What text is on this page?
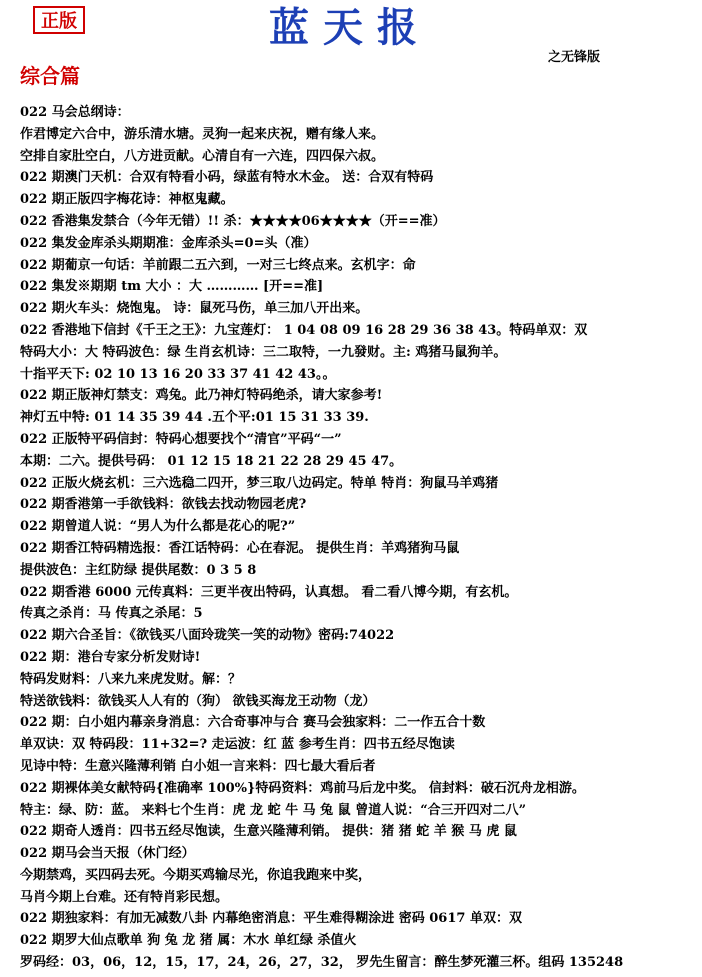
正版	蓝天报
之无锋版
综合篇
022 马会总纲诗：
作君博定六合中，游乐清水塘。灵狗一起来庆祝，赠有缘人来。
空排自家肚空白，八方进贡献。心清自有一六连，四四保六叔。
022 期澳门天机：合双有特看小码，绿蓝有特水木金。 送：合双有特码
022 期正版四字梅花诗：神枢鬼藏。
022 香港集发禁合（今年无错）!! 杀：★★★★06★★★★（开==准）
022 集发金库杀头期期准：金库杀头=0=头（准）
022 期葡京一句话：羊前跟二五六到，一对三七终点来。玄机字：命
022 集发※期期 tm 大小 ：大 ………… [开==准]
022 期火车头：烧饱鬼。 诗：鼠死马伤，单三加八开出来。
022 香港地下信封《千王之王》：九宝莲灯： 1 04 08 09 16 28 29 36 38 43。特码单双：双
特码大小：大 特码波色：绿 生肖玄机诗：三二取特，一九發财。主: 鸡猪马鼠狗羊。
十指平天下: 02 10 13 16 20 33 37 41 42 43。。
022 期正版神灯禁支：鸡兔。此乃神灯特码绝杀，请大家参考!
神灯五中特: 01 14 35 39 44 .五个平:01 15 31 33 39.
022 正版特平码信封：特码心想要找个“清官”平码“一”
本期：二六。提供号码： 01 12 15 18 21 22 28 29 45 47。
022 正版火烧玄机：三六选稳二四开，梦三取八边码定。特单 特肖：狗鼠马羊鸡猪
022 期香港第一手欲钱料：欲钱去找动物园老虎?
022 期曾道人说：“男人为什么都是花心的呢?”
022 期香江特码精选报：香江话特码：心在春泥。 提供生肖：羊鸡猪狗马鼠
提供波色：主红防绿 提供尾数：0 3 5 8
022 期香港 6000 元传真料：三更半夜出特码，认真想。 看二看八博今期，有玄机。
传真之杀肖：马 传真之杀尾：5
022 期六合圣旨：《欲钱买八面玲珑笑一笑的动物》密码:74022
022 期：港台专家分析发财诗!
特码发财料：八来九来虎发财。解：？
特送欲钱料：欲钱买人人有的（狗） 欲钱买海龙王动物（龙）
022 期：白小姐内幕亲身消息：六合奇事冲与合 赛马会独家料：二一作五合十数
单双诀：双 特码段：11+32=? 走运波：红 蓝 参考生肖：四书五经尽饱读
见诗中特：生意兴隆薄利销 白小姐一言来料：四七最大看后者
022 期裸体美女献特码{准确率 100%}特码资料：鸡前马后龙中奖。 信封料：破石沉舟龙相游。
特主：绿、防：蓝。 来料七个生肖：虎 龙 蛇 牛 马 兔 鼠 曾道人说：“合三开四对二八”
022 期奇人透肖：四书五经尽饱读，生意兴隆薄利销。 提供：猪 猪 蛇 羊 猴 马 虎 鼠
022 期马会当天报（休门经）
今期禁鸡，买四码去死。今期买鸡输尽光，你追我跑来中奖，
马肖今期上台难。还有特肖彩民想。
022 期独家料：有加无减数八卦 内幕绝密消息：平生难得糊涂进 密码 0617 单双：双
022 期罗大仙点歌单 狗 兔 龙 猪 属：木水 单红绿 杀值火
罗码经：03，06，12，15，17，24，26，27，32， 罗先生留言：醉生梦死灌三杯。组码 135248
